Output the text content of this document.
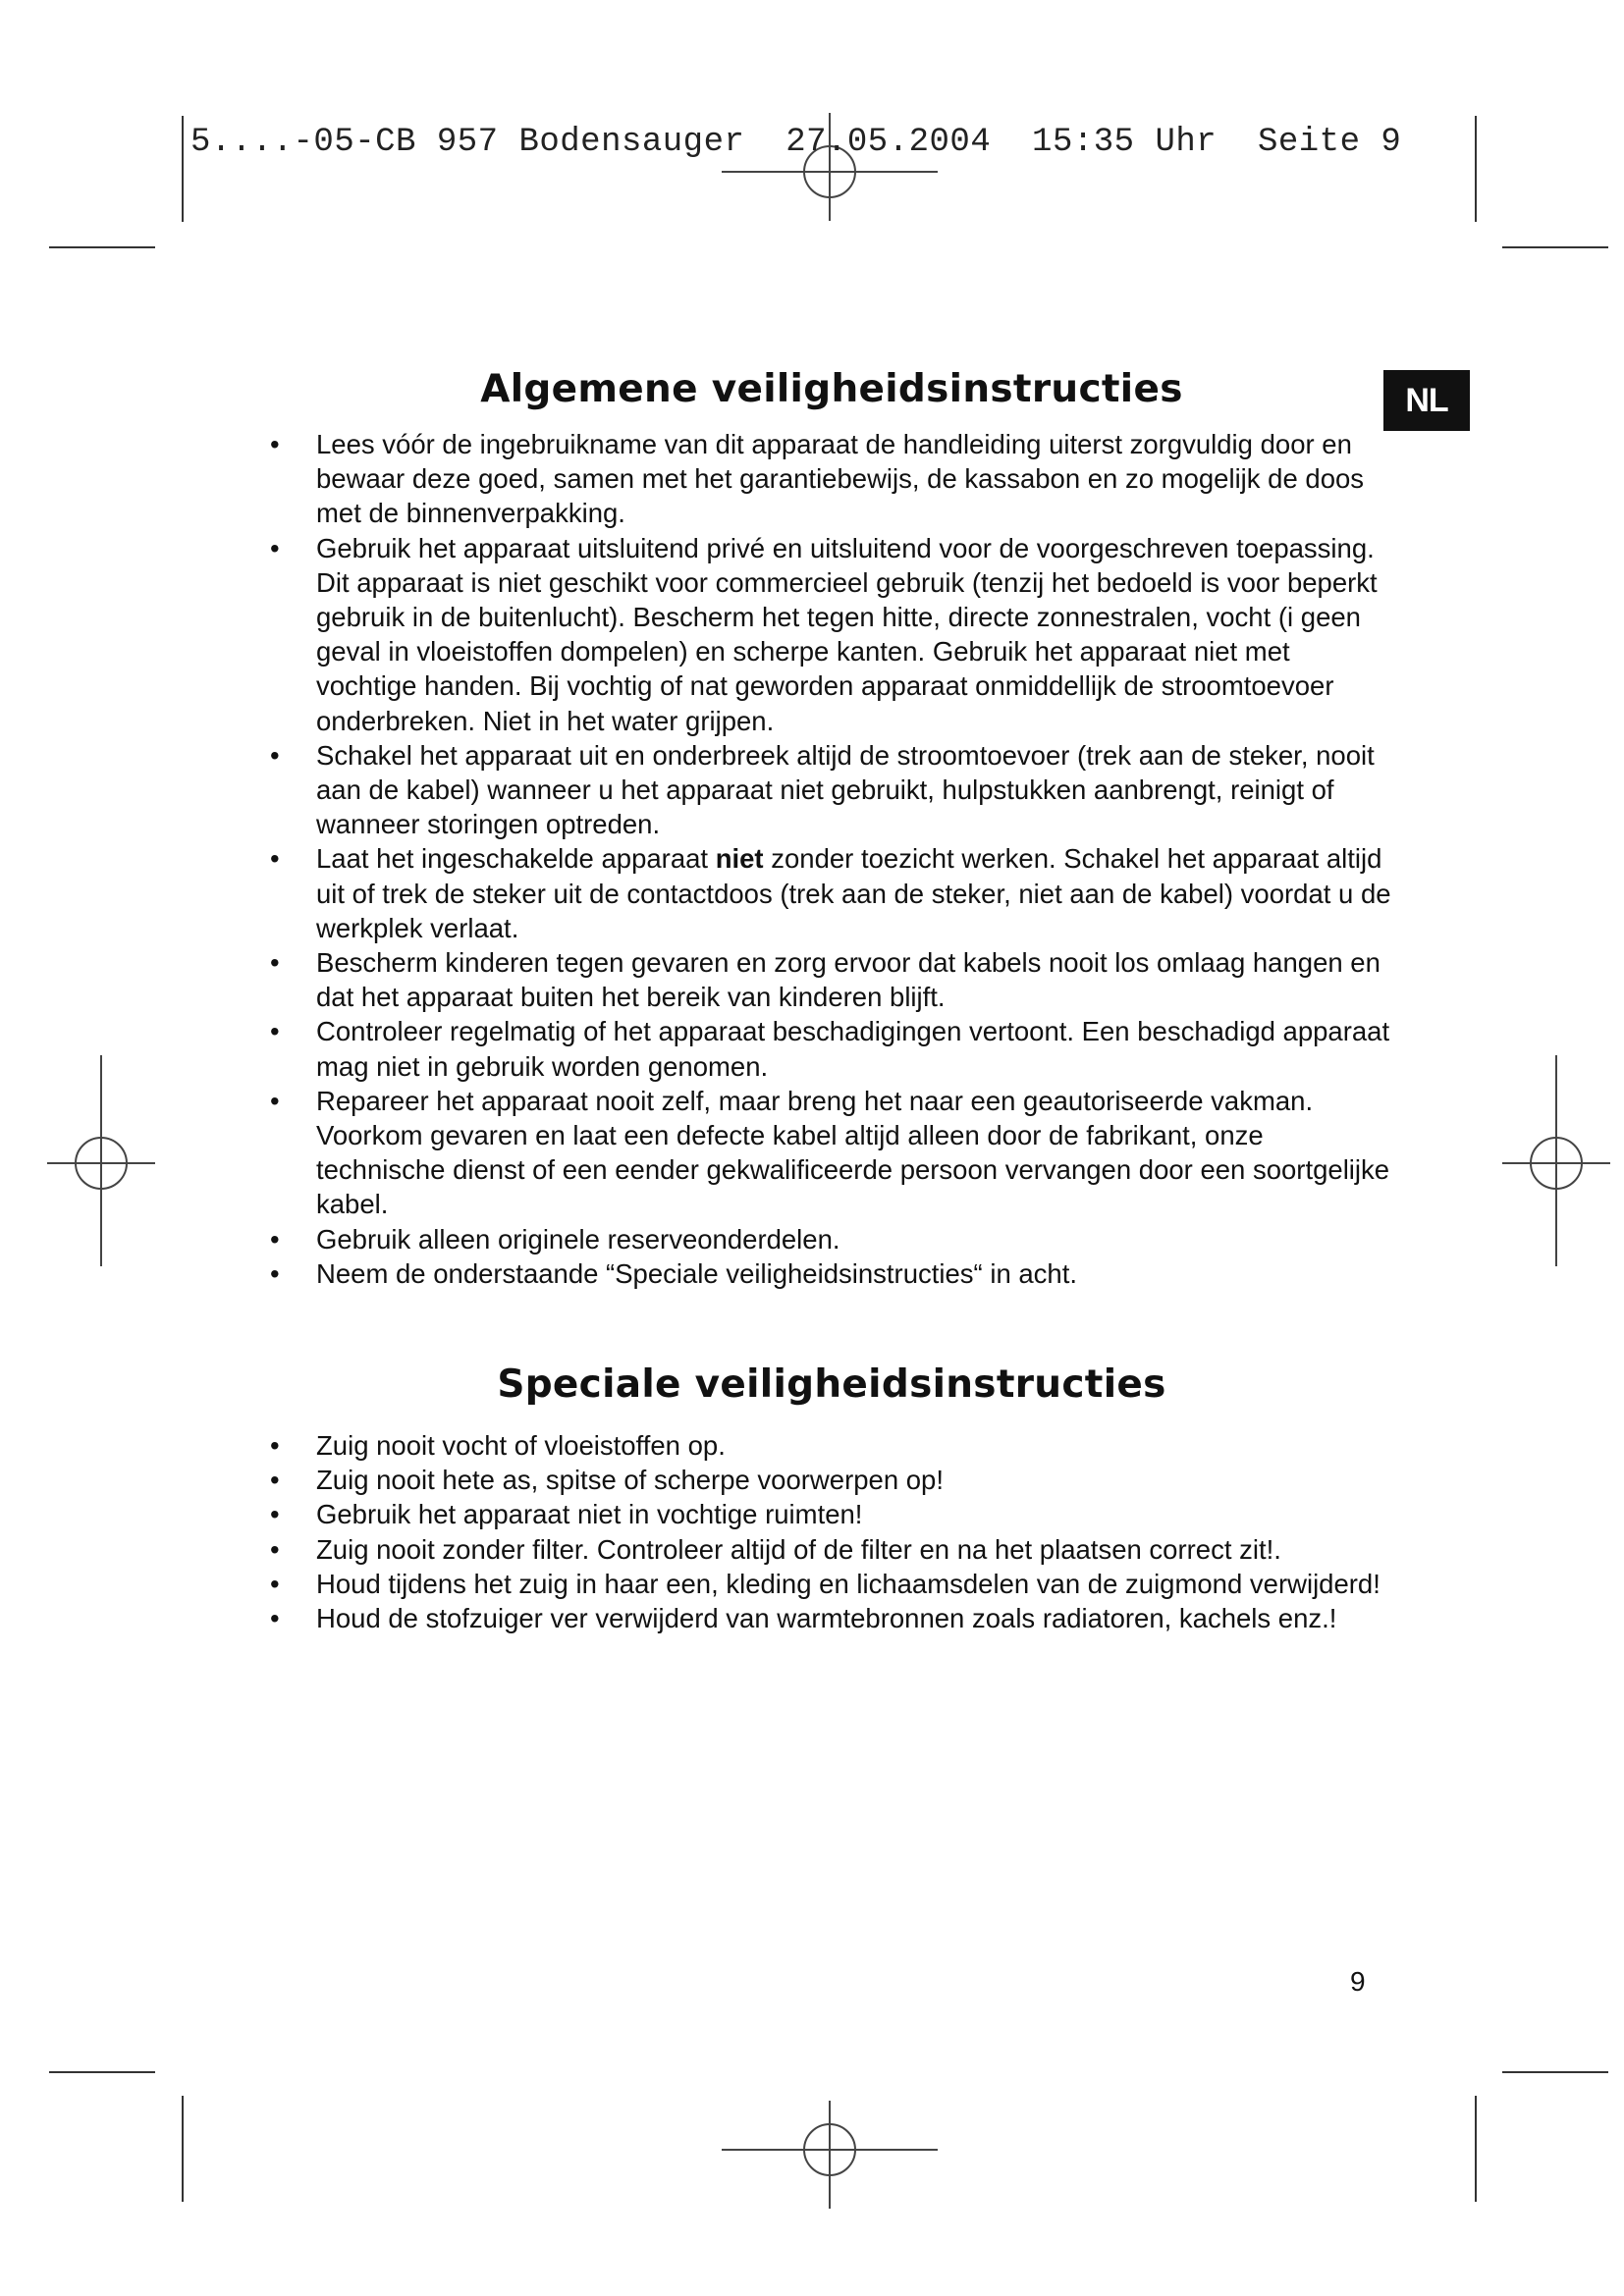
5....-05-CB 957 Bodensauger  27.05.2004  15:35 Uhr  Seite 9
NL
Algemene veiligheidsinstructies
• Lees vóór de ingebruikname van dit apparaat de handleiding uiterst zorgvuldig door en bewaar deze goed, samen met het garantiebewijs, de kassabon en zo mogelijk de doos met de binnenverpakking.
• Gebruik het apparaat uitsluitend privé en uitsluitend voor de voorgeschreven toepassing. Dit apparaat is niet geschikt voor commercieel gebruik (tenzij het bedoeld is voor beperkt gebruik in de buitenlucht). Bescherm het tegen hitte, directe zonnestralen, vocht (i geen geval in vloeistoffen dompelen) en scherpe kanten. Gebruik het apparaat niet met vochtige handen. Bij vochtig of nat geworden apparaat onmiddellijk de stroomtoevoer onderbreken. Niet in het water grijpen.
• Schakel het apparaat uit en onderbreek altijd de stroomtoevoer (trek aan de steker, nooit aan de kabel) wanneer u het apparaat niet gebruikt, hulpstukken aanbrengt, reinigt of wanneer storingen optreden.
• Laat het ingeschakelde apparaat niet zonder toezicht werken. Schakel het apparaat altijd uit of trek de steker uit de contactdoos (trek aan de steker, niet aan de kabel) voordat u de werkplek verlaat.
• Bescherm kinderen tegen gevaren en zorg ervoor dat kabels nooit los omlaag hangen en dat het apparaat buiten het bereik van kinderen blijft.
• Controleer regelmatig of het apparaat beschadigingen vertoont. Een beschadigd apparaat mag niet in gebruik worden genomen.
• Repareer het apparaat nooit zelf, maar breng het naar een geautoriseerde vakman. Voorkom gevaren en laat een defecte kabel altijd alleen door de fabrikant, onze technische dienst of een eender gekwalificeerde persoon vervangen door een soortgelijke kabel.
• Gebruik alleen originele reserveonderdelen.
• Neem de onderstaande “Speciale veiligheidsinstructies“ in acht.
Speciale veiligheidsinstructies
• Zuig nooit vocht of vloeistoffen op.
• Zuig nooit hete as, spitse of scherpe voorwerpen op!
• Gebruik het apparaat niet in vochtige ruimten!
• Zuig nooit zonder filter. Controleer altijd of de filter en na het plaatsen correct zit!.
• Houd tijdens het zuig in haar een, kleding en lichaamsdelen van de zuigmond verwijderd!
• Houd de stofzuiger ver verwijderd van warmtebronnen zoals radiatoren, kachels enz.!
9
